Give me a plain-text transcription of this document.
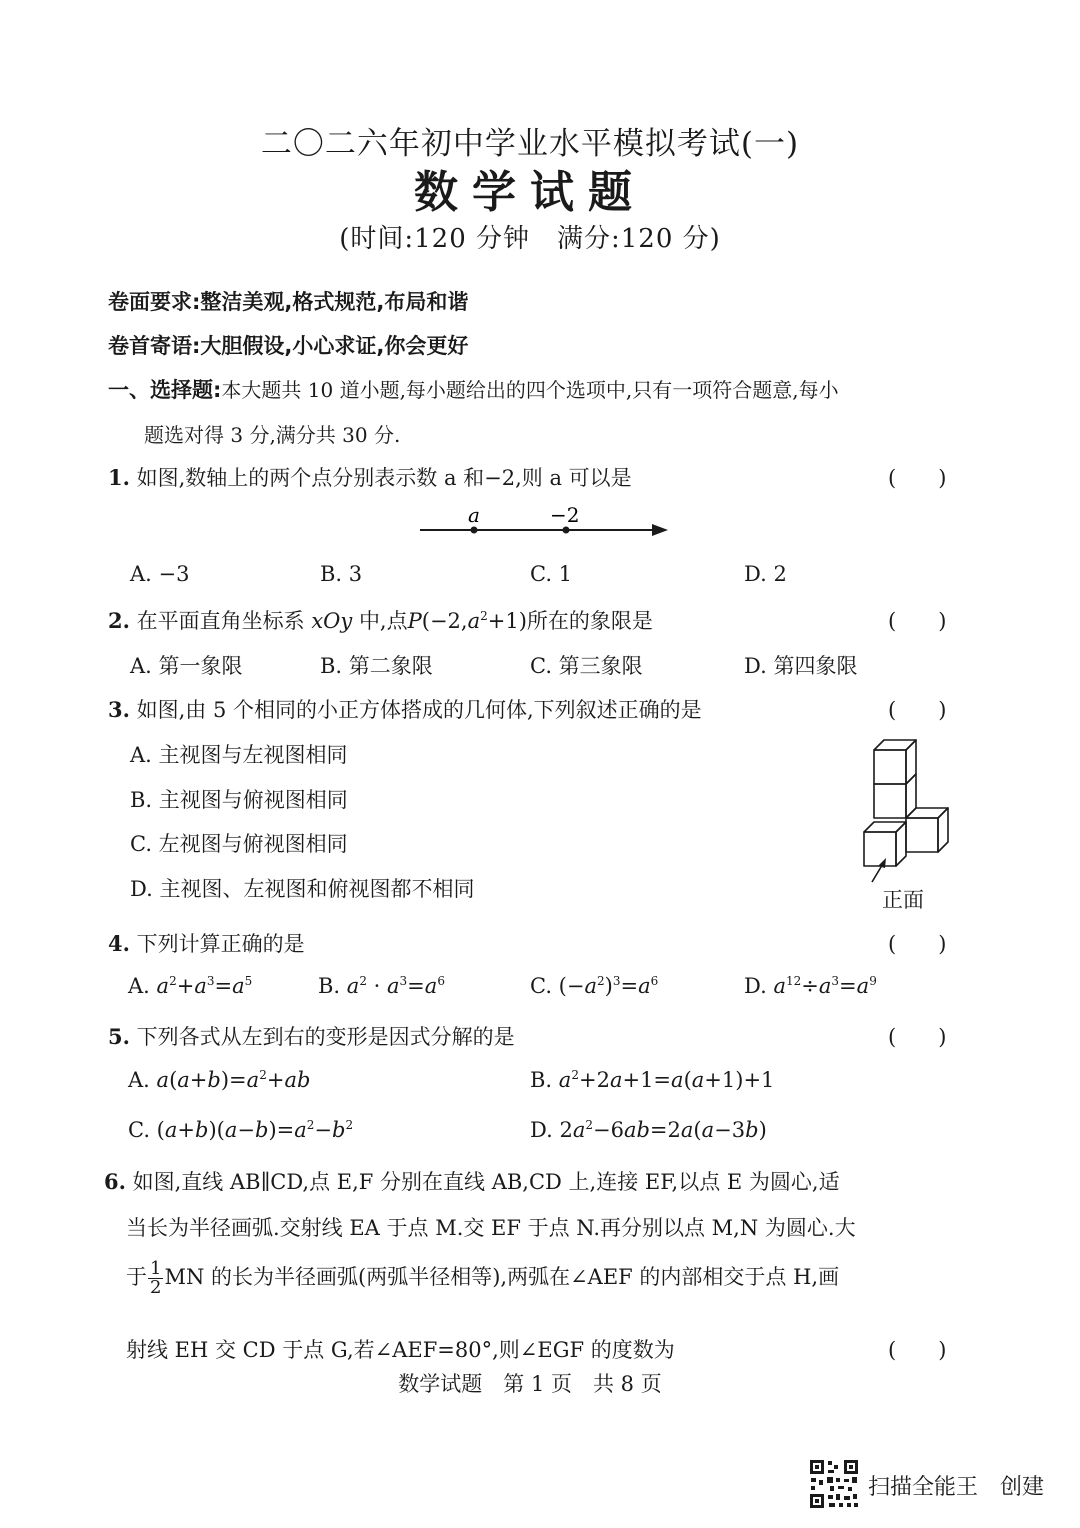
二〇二六年初中学业水平模拟考试(一)
数学试题
(时间:120 分钟　满分:120 分)
卷面要求:整洁美观,格式规范,布局和谐
卷首寄语:大胆假设,小心求证,你会更好
一、选择题:本大题共 10 道小题,每小题给出的四个选项中,只有一项符合题意,每小
题选对得 3 分,满分共 30 分.
1. 如图,数轴上的两个点分别表示数 a 和−2,则 a 可以是	(　　)
a	−2
A. −3	B. 3	C. 1	D. 2
2. 在平面直角坐标系 xOy 中,点$P(-2,a^2+1)$所在的象限是	(　　)
A. 第一象限	B. 第二象限	C. 第三象限	D. 第四象限
3. 如图,由 5 个相同的小正方体搭成的几何体,下列叙述正确的是	(　　)
A. 主视图与左视图相同
B. 主视图与俯视图相同
C. 左视图与俯视图相同
D. 主视图、左视图和俯视图都不相同	正面
4. 下列计算正确的是	(　　)
A. $a^2+a^3=a^5$	B. $a^2 \cdot a^3=a^6$	C. $(-a^2)^3=a^6$	D. $a^{12}\div a^3=a^9$
5. 下列各式从左到右的变形是因式分解的是	(　　)
A. $a(a+b)=a^2+ab$	B. $a^2+2a+1=a(a+1)+1$
C. $(a+b)(a-b)=a^2-b^2$	D. $2a^2-6ab=2a(a-3b)$
6. 如图,直线 AB∥CD,点 E,F 分别在直线 AB,CD 上,连接 EF,以点 E 为圆心,适
当长为半径画弧.交射线 EA 于点 M.交 EF 于点 N.再分别以点 M,N 为圆心.大
于 $\frac{1}{2}$ MN 的长为半径画弧(两弧半径相等),两弧在∠AEF 的内部相交于点 H,画
射线 EH 交 CD 于点 G,若∠AEF=80°,则∠EGF 的度数为	(　　)
数学试题　第 1 页　共 8 页
扫描全能王　创建
